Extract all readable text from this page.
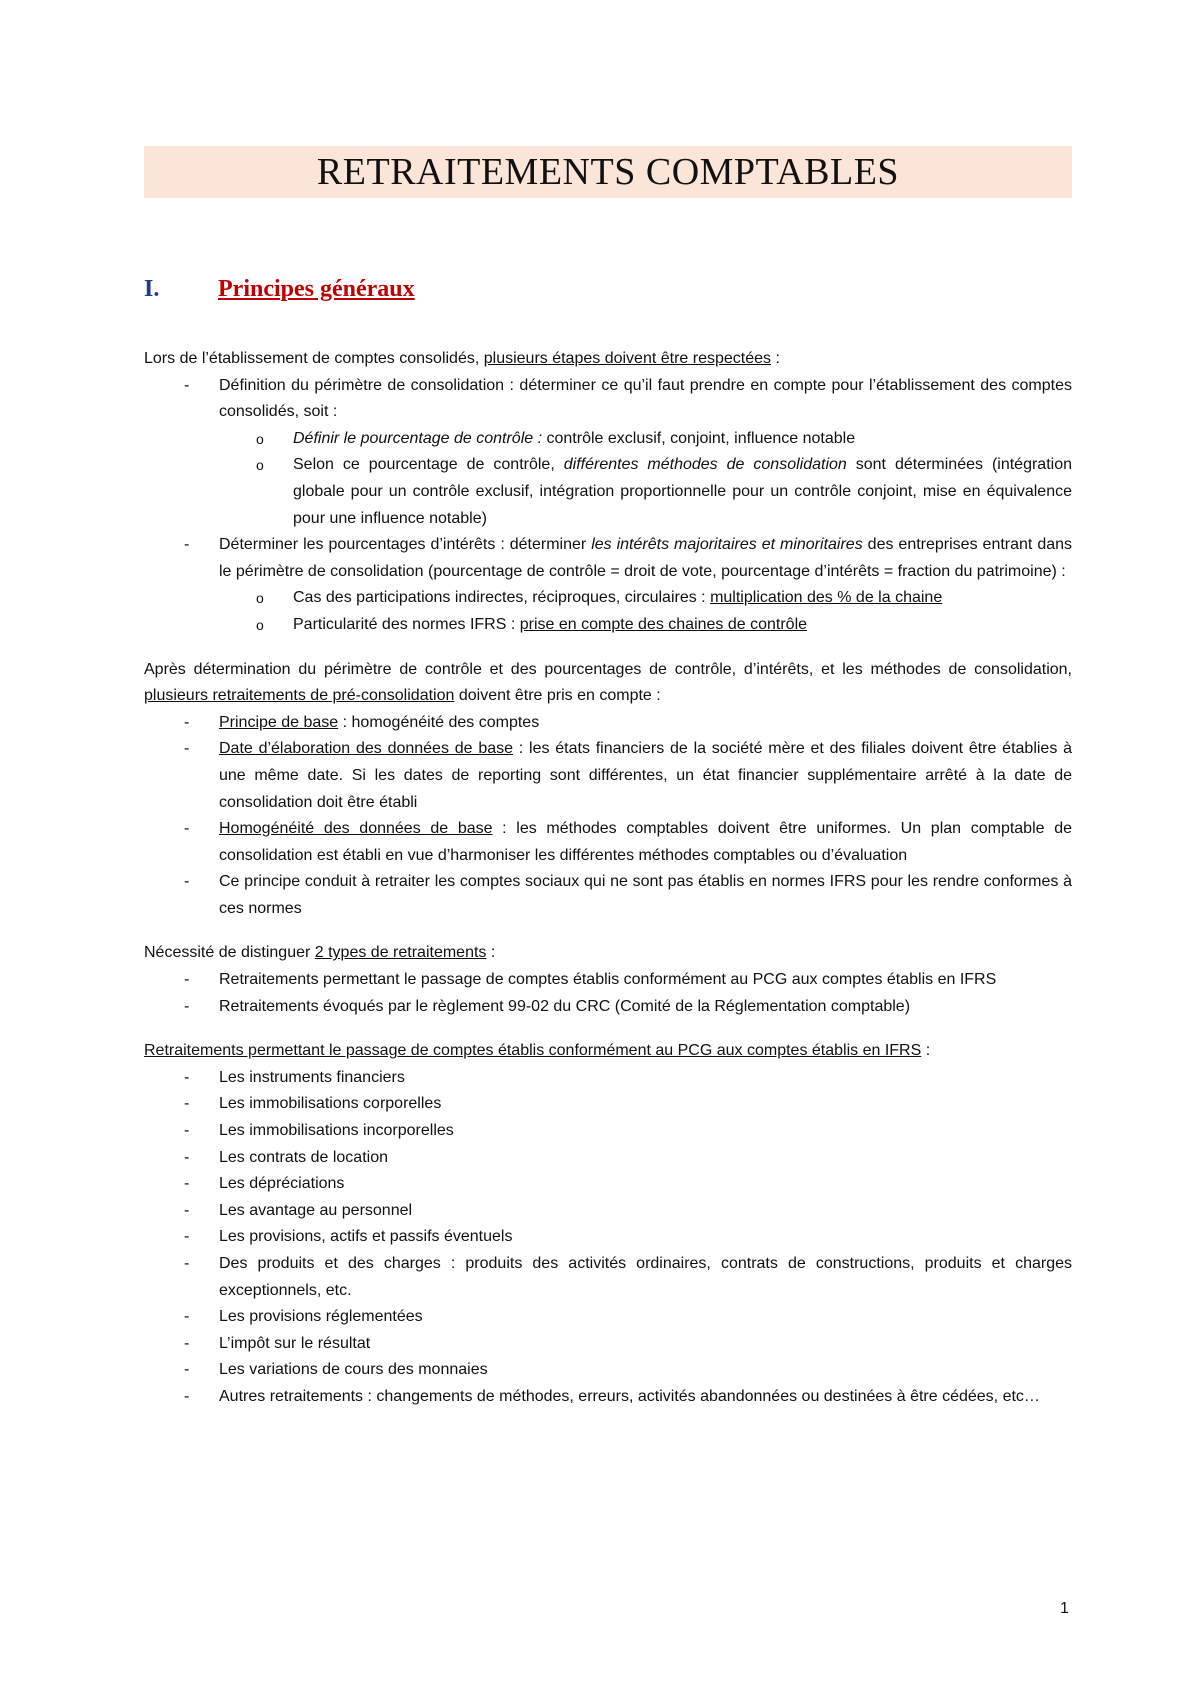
RETRAITEMENTS COMPTABLES
I. Principes généraux

Lors de l’établissement de comptes consolidés, plusieurs étapes doivent être respectées :

- Définition du périmètre de consolidation : déterminer ce qu’il faut prendre en compte pour l’établissement des comptes consolidés, soit :
o Définir le pourcentage de contrôle : contrôle exclusif, conjoint, influence notable
o Selon ce pourcentage de contrôle, différentes méthodes de consolidation sont déterminées (intégration globale pour un contrôle exclusif, intégration proportionnelle pour un contrôle conjoint, mise en équivalence pour une influence notable)
- Déterminer les pourcentages d’intérêts : déterminer les intérêts majoritaires et minoritaires des entreprises entrant dans le périmètre de consolidation (pourcentage de contrôle = droit de vote, pourcentage d’intérêts = fraction du patrimoine) :
o Cas des participations indirectes, réciproques, circulaires : multiplication des % de la chaine
o Particularité des normes IFRS : prise en compte des chaines de contrôle

Après détermination du périmètre de contrôle et des pourcentages de contrôle, d’intérêts, et les méthodes de consolidation, plusieurs retraitements de pré-consolidation doivent être pris en compte :

- Principe de base : homogénéité des comptes
- Date d’élaboration des données de base : les états financiers de la société mère et des filiales doivent être établies à une même date. Si les dates de reporting sont différentes, un état financier supplémentaire arrêté à la date de consolidation doit être établi
- Homogénéité des données de base : les méthodes comptables doivent être uniformes. Un plan comptable de consolidation est établi en vue d’harmoniser les différentes méthodes comptables ou d’évaluation
- Ce principe conduit à retraiter les comptes sociaux qui ne sont pas établis en normes IFRS pour les rendre conformes à ces normes

Nécessité de distinguer 2 types de retraitements :

- Retraitements permettant le passage de comptes établis conformément au PCG aux comptes établis en IFRS
- Retraitements évoqués par le règlement 99-02 du CRC (Comité de la Réglementation comptable)

Retraitements permettant le passage de comptes établis conformément au PCG aux comptes établis en IFRS :

- Les instruments financiers
- Les immobilisations corporelles
- Les immobilisations incorporelles
- Les contrats de location
- Les dépréciations
- Les avantage au personnel
- Les provisions, actifs et passifs éventuels
- Des produits et des charges : produits des activités ordinaires, contrats de constructions, produits et charges exceptionnels, etc.
- Les provisions réglementées
- L’impôt sur le résultat
- Les variations de cours des monnaies
- Autres retraitements : changements de méthodes, erreurs, activités abandonnées ou destinées à être cédées, etc…
1
